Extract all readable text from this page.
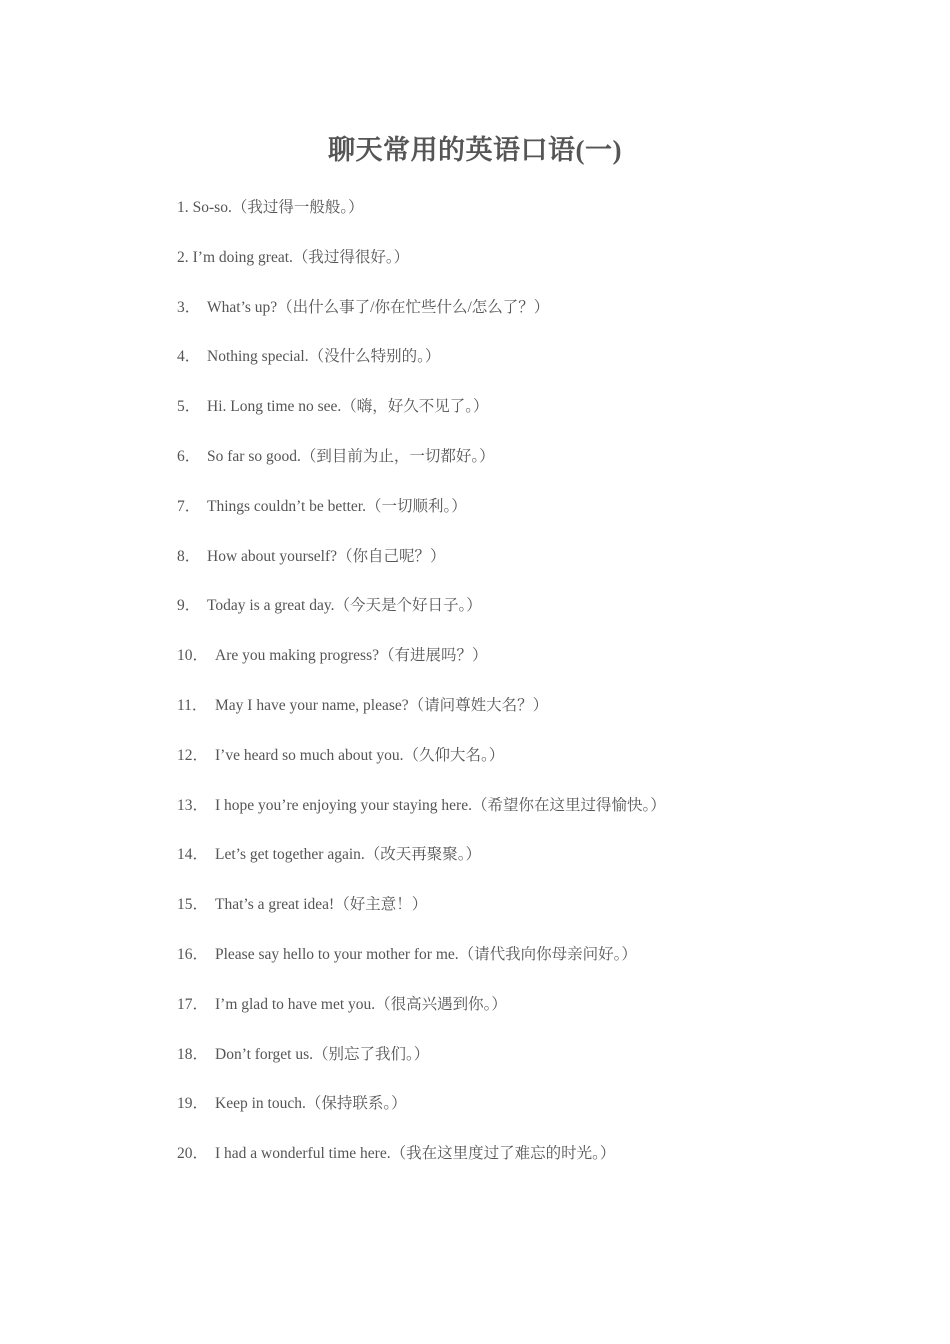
聊天常用的英语口语(一)
1. So-so.（我过得一般般。）
2. I’m doing great.（我过得很好。）
3． What’s up?（出什么事了/你在忙些什么/怎么了？）
4． Nothing special.（没什么特别的。）
5． Hi. Long time no see.（嗨，好久不见了。）
6． So far so good.（到目前为止，一切都好。）
7． Things couldn’t be better.（一切顺利。）
8． How about yourself?（你自己呢？）
9． Today is a great day.（今天是个好日子。）
10． Are you making progress?（有进展吗？）
11． May I have your name, please?（请问尊姓大名？）
12． I’ve heard so much about you.（久仰大名。）
13． I hope you’re enjoying your staying here.（希望你在这里过得愉快。）
14． Let’s get together again.（改天再聚聚。）
15． That’s a great idea!（好主意！）
16． Please say hello to your mother for me.（请代我向你母亲问好。）
17． I’m glad to have met you.（很高兴遇到你。）
18． Don’t forget us.（别忘了我们。）
19． Keep in touch.（保持联系。）
20． I had a wonderful time here.（我在这里度过了难忘的时光。）
